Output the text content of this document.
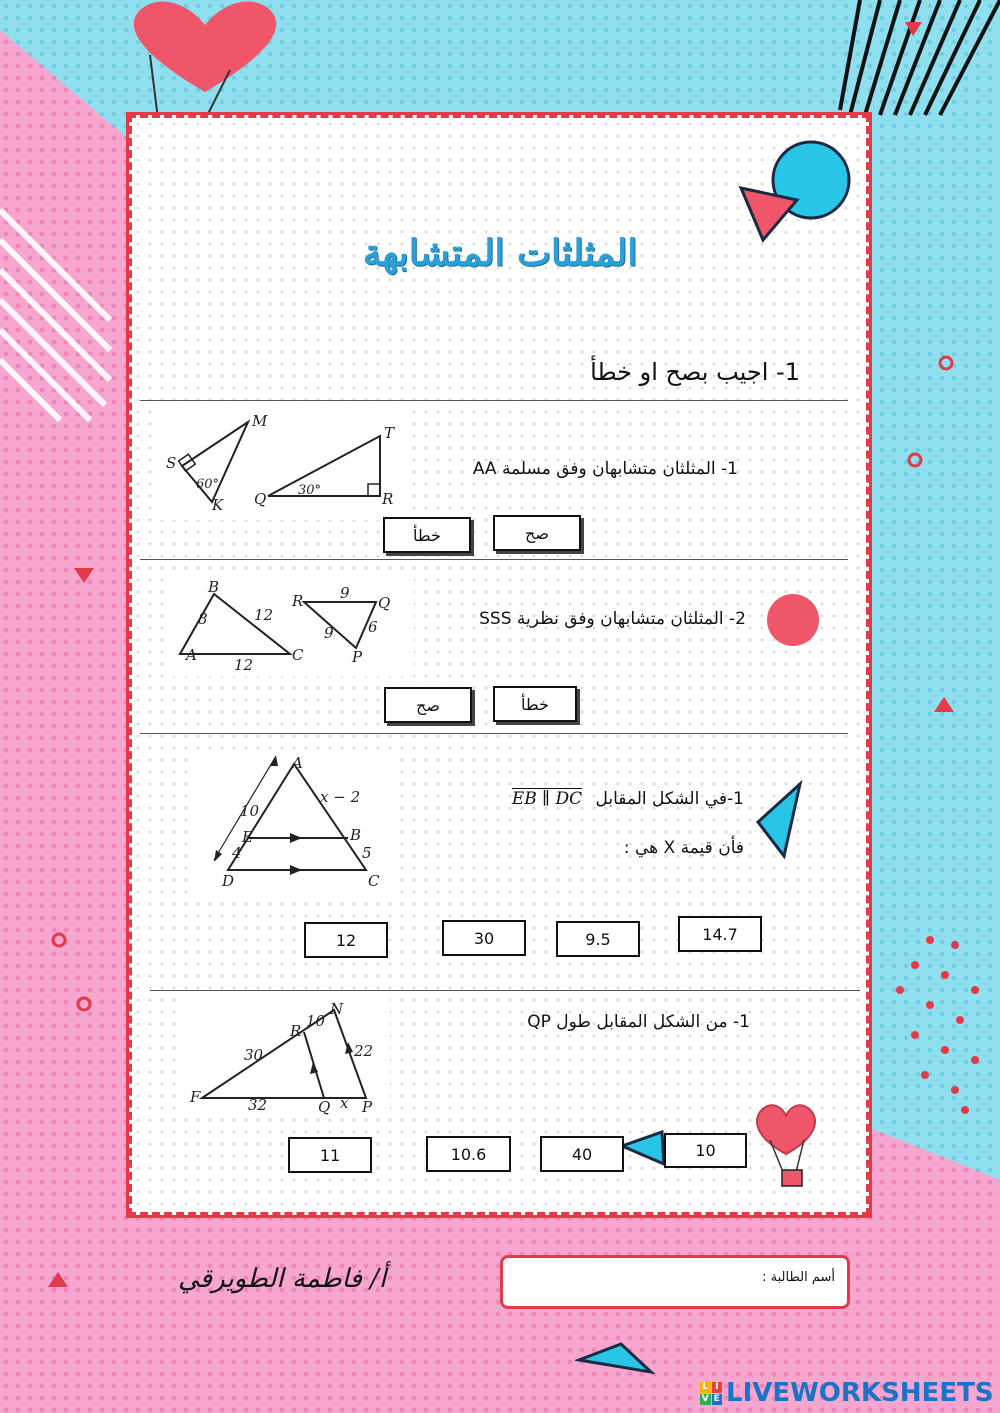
المثلثات المتشابهة
1- اجيب بصح او خطأ
M
S
60°
K
T
Q 30°	R
1- المثلثان متشابهان وفق مسلمة AA
صح
خطأ
B
8	12
A
12
C
R 9
Q
9 6
P
2- المثلثان متشابهان وفق نظرية SSS
خطأ
صح
A
x − 2
10
E	B
4	5
D	C
1-في الشكل المقابل EB ∥ DC
فأن قيمة X هي :
14.7
9.5
30
12
N
10
R
30	22
F	32	Q x P
1- من الشكل المقابل طول QP
10
40
10.6
11
أسم الطالبة :
أ/ فاطمة الطويرقي
L I
V E LIVEWORKSHEETS
